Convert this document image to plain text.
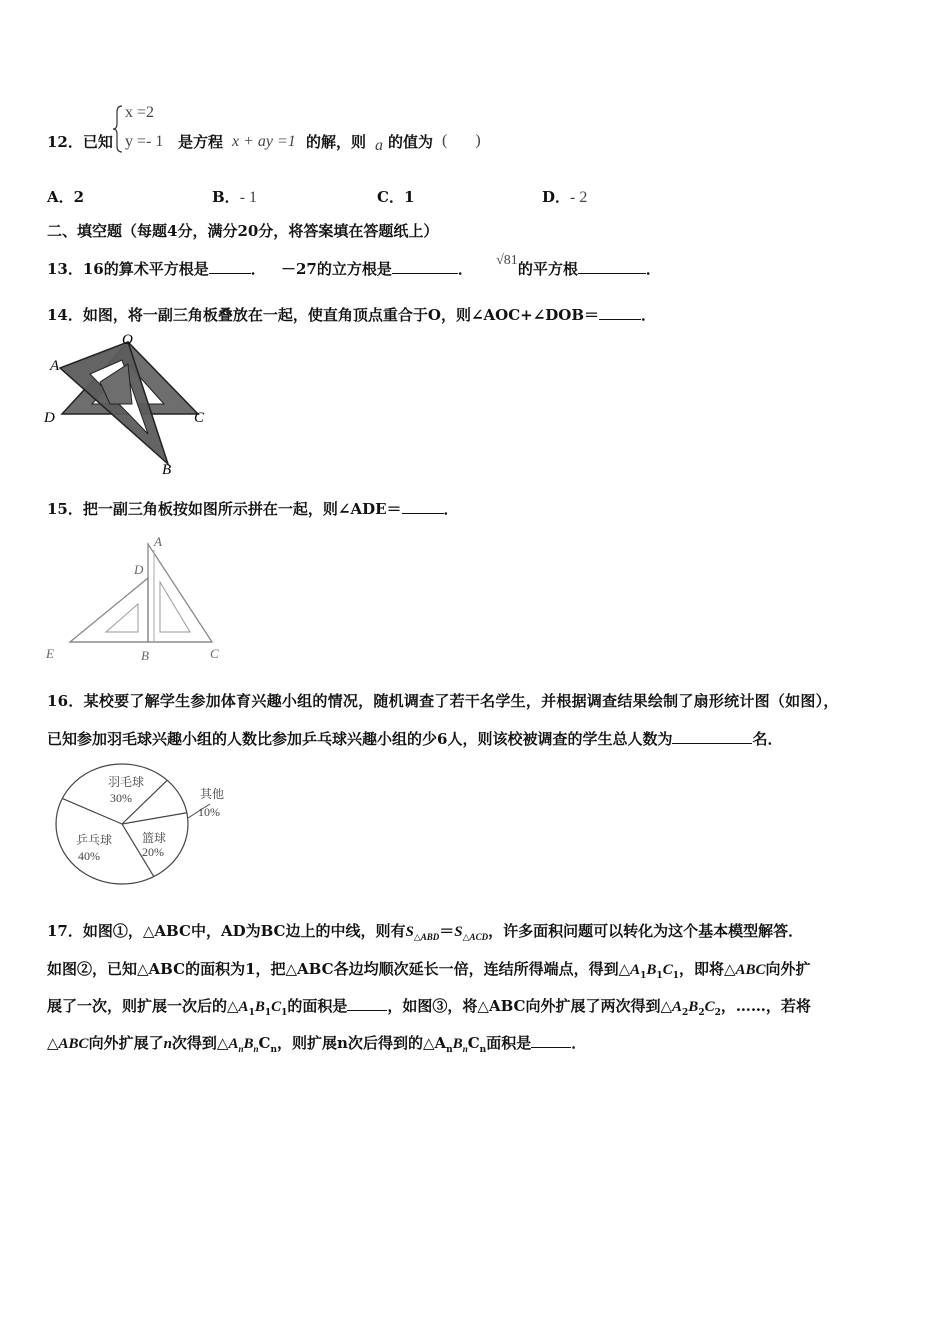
12．已知
x =2
y =- 1 是方程 x + ay =1 的解，则 a 的值为 (       )
A．2	B．- 1	C．1	D．- 2
二、填空题（每题4分，满分20分，将答案填在答题纸上）
13．16的算术平方根是	． －27的立方根是	． √81的平方根	．
14．如图，将一副三角板叠放在一起，使直角顶点重合于O，则∠AOC+∠DOB＝	．
O
A
D	C
B
15．把一副三角板按如图所示拼在一起，则∠ADE＝	．
A
D
E	B	C
16．某校要了解学生参加体育兴趣小组的情况，随机调查了若干名学生，并根据调查结果绘制了扇形统计图（如图），
已知参加羽毛球兴趣小组的人数比参加乒乓球兴趣小组的少6人，则该校被调查的学生总人数为	名．
羽毛球
30%	其他
10%
篮球
20%
乒乓球
40%
17．如图①，△ABC中，AD为BC边上的中线，则有$S_{\triangle ABD}=S_{\triangle ACD}$，许多面积问题可以转化为这个基本模型解答．
如图②，已知△ABC的面积为1，把△ABC各边均顺次延长一倍，连结所得端点，得到$\triangle A_1B_1C_1$，即将△ABC向外扩
展了一次，则扩展一次后的$\triangle A_1B_1C_1$的面积是	，如图③，将△ABC向外扩展了两次得到$\triangle A_2B_2C_2$，……，若将
△ABC向外扩展了n次得到$\triangle A_nB_nC_n$，则扩展n次后得到的$\triangle A_nB_nC_n$面积是	．
